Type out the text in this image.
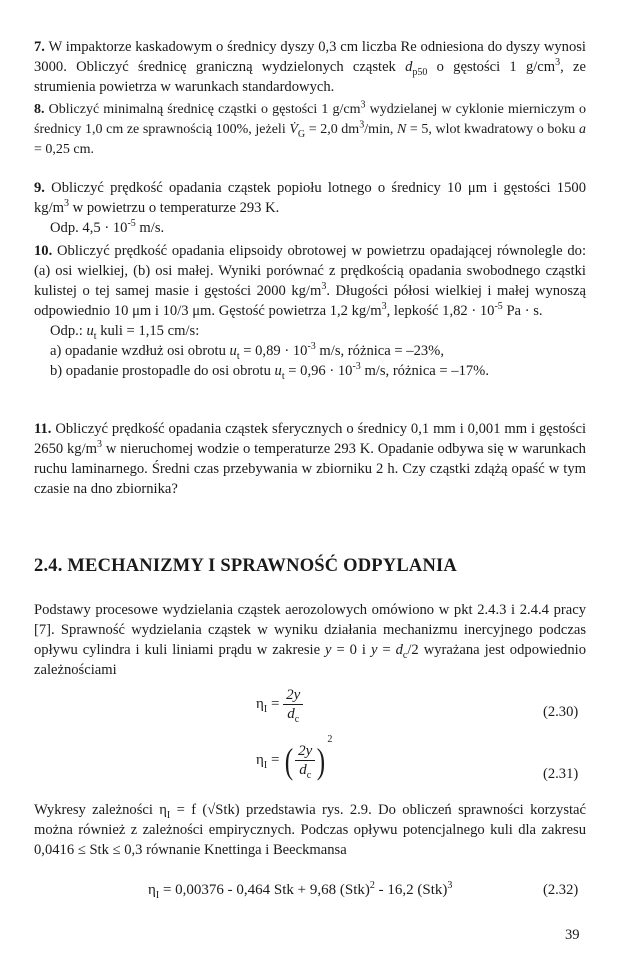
7. W impaktorze kaskadowym o średnicy dyszy 0,3 cm liczba Re odniesiona do dyszy wynosi 3000. Obliczyć średnicę graniczną wydzielonych cząstek $d_{p50}$ o gęstości 1 $g/cm^3$, ze strumienia powietrza w warunkach standardowych.

8. Obliczyć minimalną średnicę cząstki o gęstości 1 $g/cm^3$ wydzielanej w cyklonie mierniczym o średnicy 1,0 cm ze sprawnością 100%, jeżeli $V̇_G = 2,0$ $dm^3/\min$, N = 5, wlot kwadratowy o boku a = 0,25 cm.

9. Obliczyć prędkość opadania cząstek popiołu lotnego o średnicy 10 μm i gęstości 1500 $kg/m^3$ w powietrzu o temperaturze 293 K.

Odp. $4,5 \cdot 10^{-5}$ m/s.

10. Obliczyć prędkość opadania elipsoidy obrotowej w powietrzu opadającej równolegle do: (a) osi wielkiej, (b) osi małej. Wyniki porównać z prędkością opadania swobodnego cząstki kulistej o tej samej masie i gęstości 2000 $kg/m^3$. Długości półosi wielkiej i małej wynoszą odpowiednio 10 μm i 10/3 μm. Gęstość powietrza 1,2 $kg/m^3$, lepkość $1,82 \cdot 10^{-5}$ Pa · s.

Odp.: $u_t$ kuli = 1,15 cm/s:

a) opadanie wzdłuż osi obrotu $u_t = 0,89 \cdot 10^{-3}$ m/s, różnica = –23%,

b) opadanie prostopadle do osi obrotu $u_t = 0,96 \cdot 10^{-3}$ m/s, różnica = –17%.

11. Obliczyć prędkość opadania cząstek sferycznych o średnicy 0,1 mm i 0,001 mm i gęstości 2650 $kg/m^3$ w nieruchomej wodzie o temperaturze 293 K. Opadanie odbywa się w warunkach ruchu laminarnego. Średni czas przebywania w zbiorniku 2 h. Czy cząstki zdążą opaść w tym czasie na dno zbiornika?

2.4. MECHANIZMY I SPRAWNOŚĆ ODPYLANIA

Podstawy procesowe wydzielania cząstek aerozolowych omówiono w pkt 2.4.3 i 2.4.4 pracy [7]. Sprawność wydzielania cząstek w wyniku działania mechanizmu inercyjnego podczas opływu cylindra i kuli liniami prądu w zakresie y = 0 i $y = d_c/2$ wyrażana jest odpowiednio zależnościami

$\eta_I = \frac{2y}{d_c}$	(2.30)
$\eta_I$ = ( $\frac{2y}{d_c} )^2$
(2.31)

Wykresy zależności $\eta_I = f$ (√Stk) przedstawia rys. 2.9. Do obliczeń sprawności korzystać można również z zależności empirycznych. Podczas opływu potencjalnego kuli dla zakresu 0,0416 ≤ Stk ≤ 0,3 równanie Knettinga i Beeckmansa

$\eta_I = 0,00376 - 0,464$ Stk + 9,68 (Stk)$^2$ - 16,2 (Stk)$^3$	(2.32)
39
